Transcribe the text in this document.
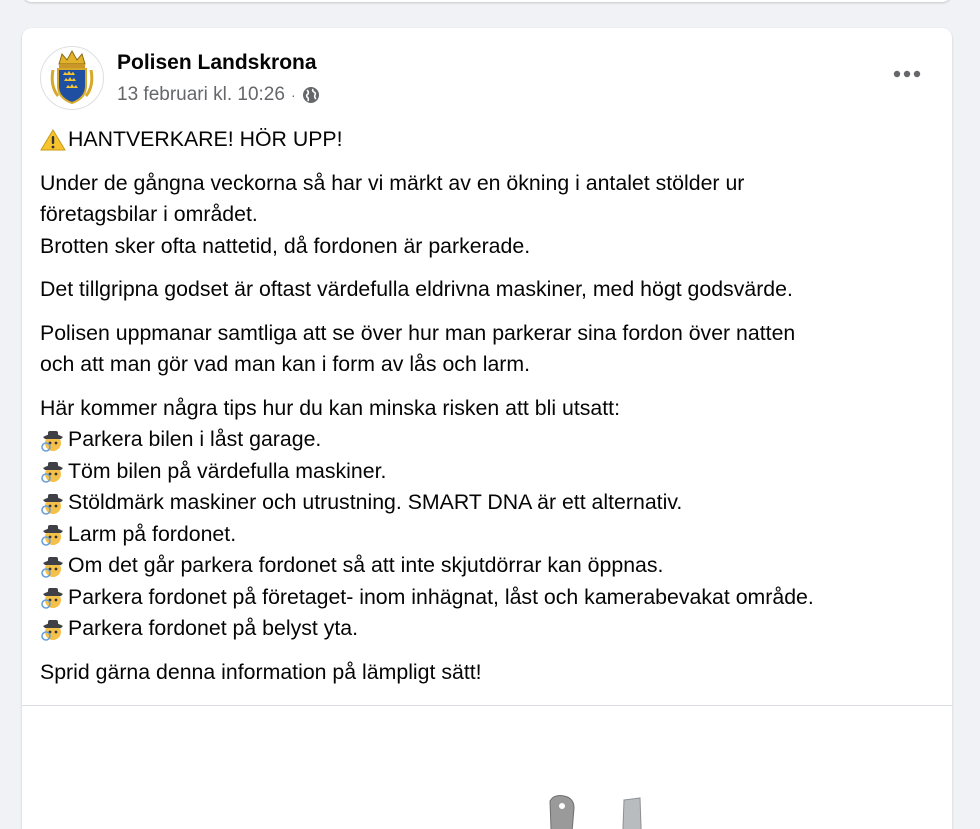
Polisen Landskrona
13 februari kl. 10:26 ·

HANTVERKARE! HÖR UPP!

Under de gångna veckorna så har vi märkt av en ökning i antalet stölder ur
företagsbilar i området.
Brotten sker ofta nattetid, då fordonen är parkerade.

Det tillgripna godset är oftast värdefulla eldrivna maskiner, med högt godsvärde.

Polisen uppmanar samtliga att se över hur man parkerar sina fordon över natten
och att man gör vad man kan i form av lås och larm.

Här kommer några tips hur du kan minska risken att bli utsatt:
Parkera bilen i låst garage.
Töm bilen på värdefulla maskiner.
Stöldmärk maskiner och utrustning. SMART DNA är ett alternativ.
Larm på fordonet.
Om det går parkera fordonet så att inte skjutdörrar kan öppnas.
Parkera fordonet på företaget- inom inhägnat, låst och kamerabevakat område.
Parkera fordonet på belyst yta.

Sprid gärna denna information på lämpligt sätt!
